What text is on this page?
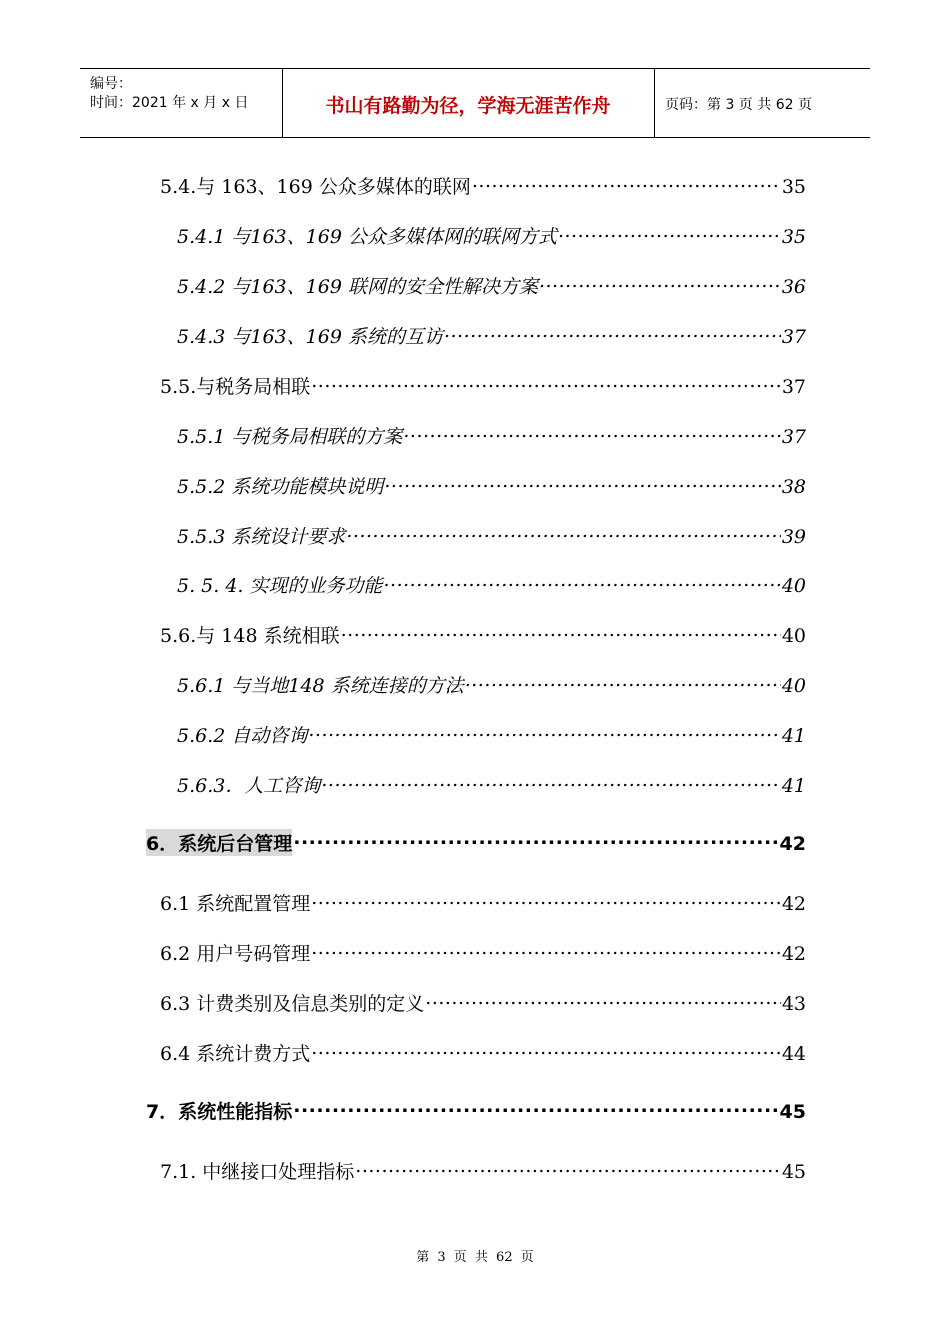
编号：
时间：2021 年 x 月 x 日	书山有路勤为径，学海无涯苦作舟	页码：第 3 页 共 62 页
5.4.与 163、169 公众多媒体的联网 .....	35
5.4.1 与163、169 公众多媒体网的联网方式 .....	35
5.4.2 与163、169 联网的安全性解决方案 .....	36
5.4.3 与163、169 系统的互访 .....	37
5.5.与税务局相联 .....	37
5.5.1 与税务局相联的方案 .....	37
5.5.2 系统功能模块说明 .....	38
5.5.3 系统设计要求 .....	39
5. 5. 4. 实现的业务功能 .....	40
5.6.与 148 系统相联 .....	40
5.6.1 与当地148 系统连接的方法 .....	40
5.6.2 自动咨询 .....	41
5.6.3．人工咨询 .....	41
6．系统后台管理 .....	42
6.1 系统配置管理 .....	42
6.2 用户号码管理 .....	42
6.3 计费类别及信息类别的定义 .....	43
6.4 系统计费方式 .....	44
7．系统性能指标 .....	45
7.1. 中继接口处理指标 .....	45
第 3 页 共 62 页
